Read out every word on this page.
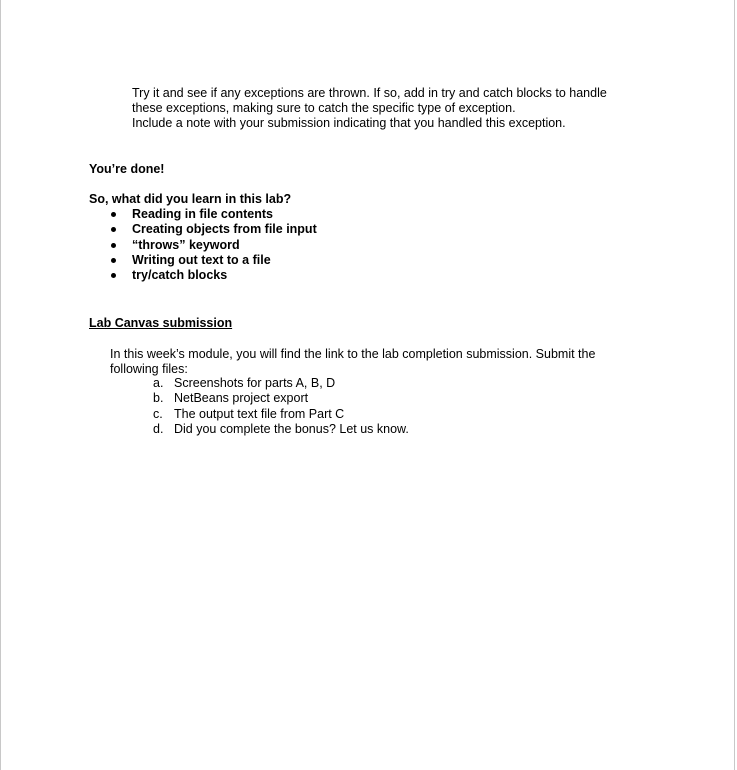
Try it and see if any exceptions are thrown. If so, add in try and catch blocks to handle
these exceptions, making sure to catch the specific type of exception.
Include a note with your submission indicating that you handled this exception.
You’re done!
So, what did you learn in this lab?
Reading in file contents
Creating objects from file input
“throws” keyword
Writing out text to a file
try/catch blocks
Lab Canvas submission
In this week’s module, you will find the link to the lab completion submission. Submit the
following files:
a. Screenshots for parts A, B, D
b. NetBeans project export
c. The output text file from Part C
d. Did you complete the bonus? Let us know.
